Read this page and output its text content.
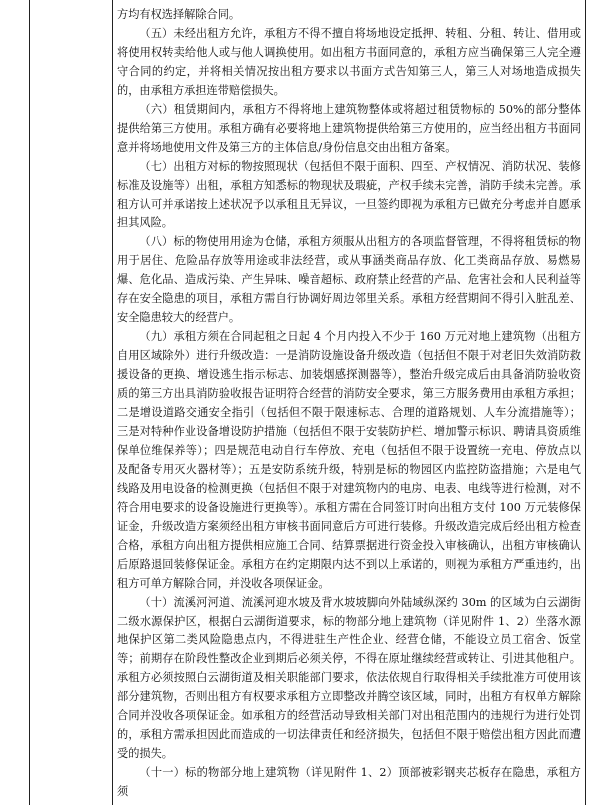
方均有权选择解除合同。

（五）未经出租方允许，承租方不得不擅自将场地设定抵押、转租、分租、转让、借用或将使用权转卖给他人或与他人调换使用。如出租方书面同意的，承租方应当确保第三人完全遵守合同的约定，并将相关情况按出租方要求以书面方式告知第三人，第三人对场地造成损失的，由承租方承担连带赔偿损失。

（六）租赁期间内，承租方不得将地上建筑物整体或将超过租赁物标的 50%的部分整体提供给第三方使用。承租方确有必要将地上建筑物提供给第三方使用的，应当经出租方书面同意并将场地使用文件及第三方的主体信息/身份信息交由出租方备案。

（七）出租方对标的物按照现状（包括但不限于面积、四至、产权情况、消防状况、装修标准及设施等）出租，承租方知悉标的物现状及瑕疵，产权手续未完善，消防手续未完善。承租方认可并承诺按上述状况予以承租且无异议，一旦签约即视为承租方已做充分考虑并自愿承担其风险。

（八）标的物使用用途为仓储，承租方须服从出租方的各项监督管理，不得将租赁标的物用于居住、危险品存放等用途或非法经营，或从事涵类商品存放、化工类商品存放、易燃易爆、危化品、造成污染、产生异味、噪音超标、政府禁止经营的产品、危害社会和人民利益等存在安全隐患的项目，承租方需自行协调好周边邻里关系。承租方经营期间不得引入脏乱差、安全隐患较大的经营户。

（九）承租方须在合同起租之日起 4 个月内投入不少于 160 万元对地上建筑物（出租方自用区域除外）进行升级改造：一是消防设施设备升级改造（包括但不限于对老旧失效消防救援设备的更换、增设逃生指示标志、加装烟感探测器等），整治升级完成后由具备消防验收资质的第三方出具消防验收报告证明符合经营的消防安全要求，第三方服务费用由承租方承担；二是增设道路交通安全指引（包括但不限于限速标志、合理的道路规划、人车分流措施等）；三是对特种作业设备增设防护措施（包括但不限于安装防护栏、增加警示标识、聘请具资质维保单位维保养等）；四是规范电动自行车停放、充电（包括但不限于设置统一充电、停放点以及配备专用灭火器材等）；五是安防系统升级，特别是标的物园区内监控防盗措施；六是电气线路及用电设备的检测更换（包括但不限于对建筑物内的电房、电表、电线等进行检测，对不符合用电要求的设备设施进行更换等）。承租方需在合同签订时向出租方支付 100 万元装修保证金，升级改造方案须经出租方审核书面同意后方可进行装修。升级改造完成后经出租方检查合格，承租方向出租方提供相应施工合同、结算票据进行资金投入审核确认，出租方审核确认后原路退回装修保证金。承租方在约定期限内达不到以上承诺的，则视为承租方严重违约，出租方可单方解除合同，并没收各项保证金。

（十）流溪河河道、流溪河迎水坡及背水坡坡脚向外陆域纵深约 30m 的区域为白云湖街二级水源保护区，根据白云湖街道要求，标的物部分地上建筑物（详见附件 1、2）坐落水源地保护区第二类风险隐患点内，不得进驻生产性企业、经营仓储，不能设立员工宿舍、饭堂等；前期存在阶段性整改企业到期后必须关停，不得在原址继续经营或转让、引进其他租户。承租方必须按照白云湖街道及相关职能部门要求，依法依规自行取得相关手续批准方可使用该部分建筑物，否则出租方有权要求承租方立即整改并腾空该区域，同时，出租方有权单方解除合同并没收各项保证金。如承租方的经营活动导致相关部门对出租范围内的违规行为进行处罚的，承租方需承担因此而造成的一切法律责任和经济损失，包括但不限于赔偿出租方因此而遭受的损失。

（十一）标的物部分地上建筑物（详见附件 1、2）顶部被彩钢夹芯板存在隐患，承租方须
